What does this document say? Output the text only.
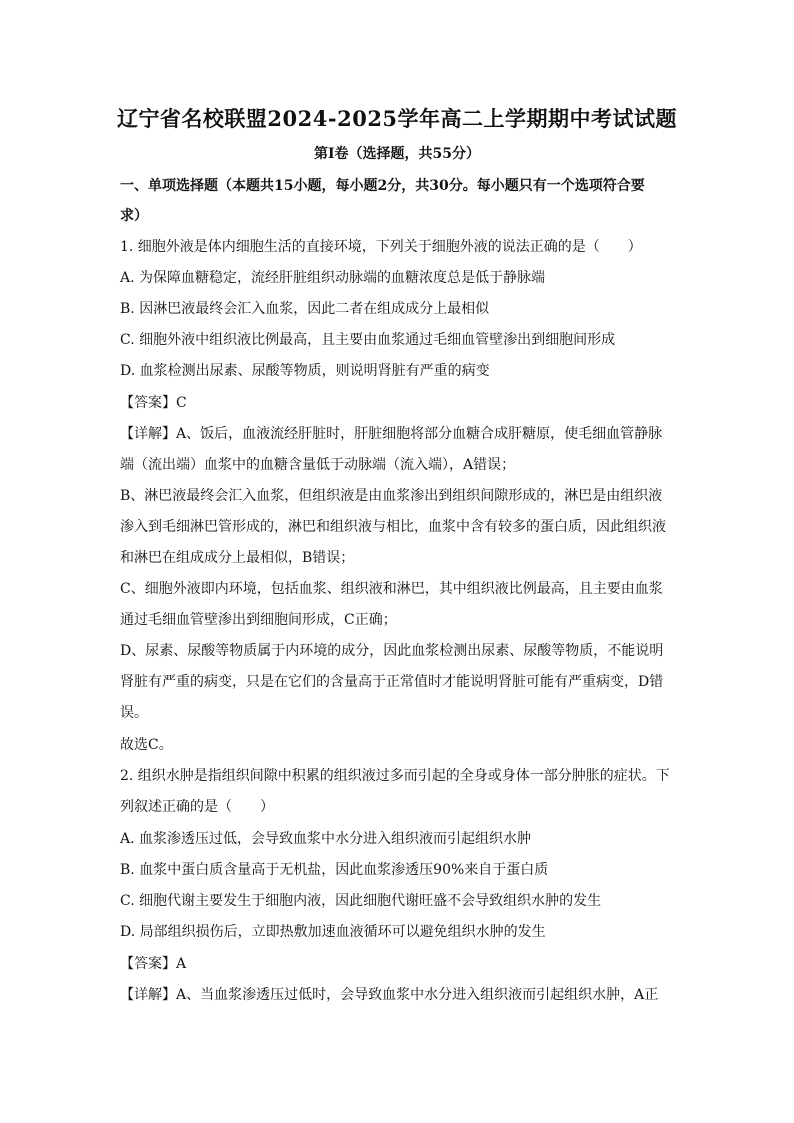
辽宁省名校联盟2024-2025学年高二上学期期中考试试题
第Ⅰ卷（选择题，共55分）
一、单项选择题（本题共15小题，每小题2分，共30分。每小题只有一个选项符合要
求）
1. 细胞外液是体内细胞生活的直接环境，下列关于细胞外液的说法正确的是（　　）
A. 为保障血糖稳定，流经肝脏组织动脉端的血糖浓度总是低于静脉端
B. 因淋巴液最终会汇入血浆，因此二者在组成成分上最相似
C. 细胞外液中组织液比例最高，且主要由血浆通过毛细血管壁渗出到细胞间形成
D. 血浆检测出尿素、尿酸等物质，则说明肾脏有严重的病变
【答案】C
【详解】A、饭后，血液流经肝脏时，肝脏细胞将部分血糖合成肝糖原，使毛细血管静脉
端（流出端）血浆中的血糖含量低于动脉端（流入端），A错误；
B、淋巴液最终会汇入血浆，但组织液是由血浆渗出到组织间隙形成的，淋巴是由组织液
渗入到毛细淋巴管形成的，淋巴和组织液与相比，血浆中含有较多的蛋白质，因此组织液
和淋巴在组成成分上最相似，B错误；
C、细胞外液即内环境，包括血浆、组织液和淋巴，其中组织液比例最高，且主要由血浆
通过毛细血管壁渗出到细胞间形成，C正确；
D、尿素、尿酸等物质属于内环境的成分，因此血浆检测出尿素、尿酸等物质，不能说明
肾脏有严重的病变，只是在它们的含量高于正常值时才能说明肾脏可能有严重病变，D错
误。
故选C。
2. 组织水肿是指组织间隙中积累的组织液过多而引起的全身或身体一部分肿胀的症状。下
列叙述正确的是（　　）
A. 血浆渗透压过低，会导致血浆中水分进入组织液而引起组织水肿
B. 血浆中蛋白质含量高于无机盐，因此血浆渗透压90%来自于蛋白质
C. 细胞代谢主要发生于细胞内液，因此细胞代谢旺盛不会导致组织水肿的发生
D. 局部组织损伤后，立即热敷加速血液循环可以避免组织水肿的发生
【答案】A
【详解】A、当血浆渗透压过低时，会导致血浆中水分进入组织液而引起组织水肿，A正
